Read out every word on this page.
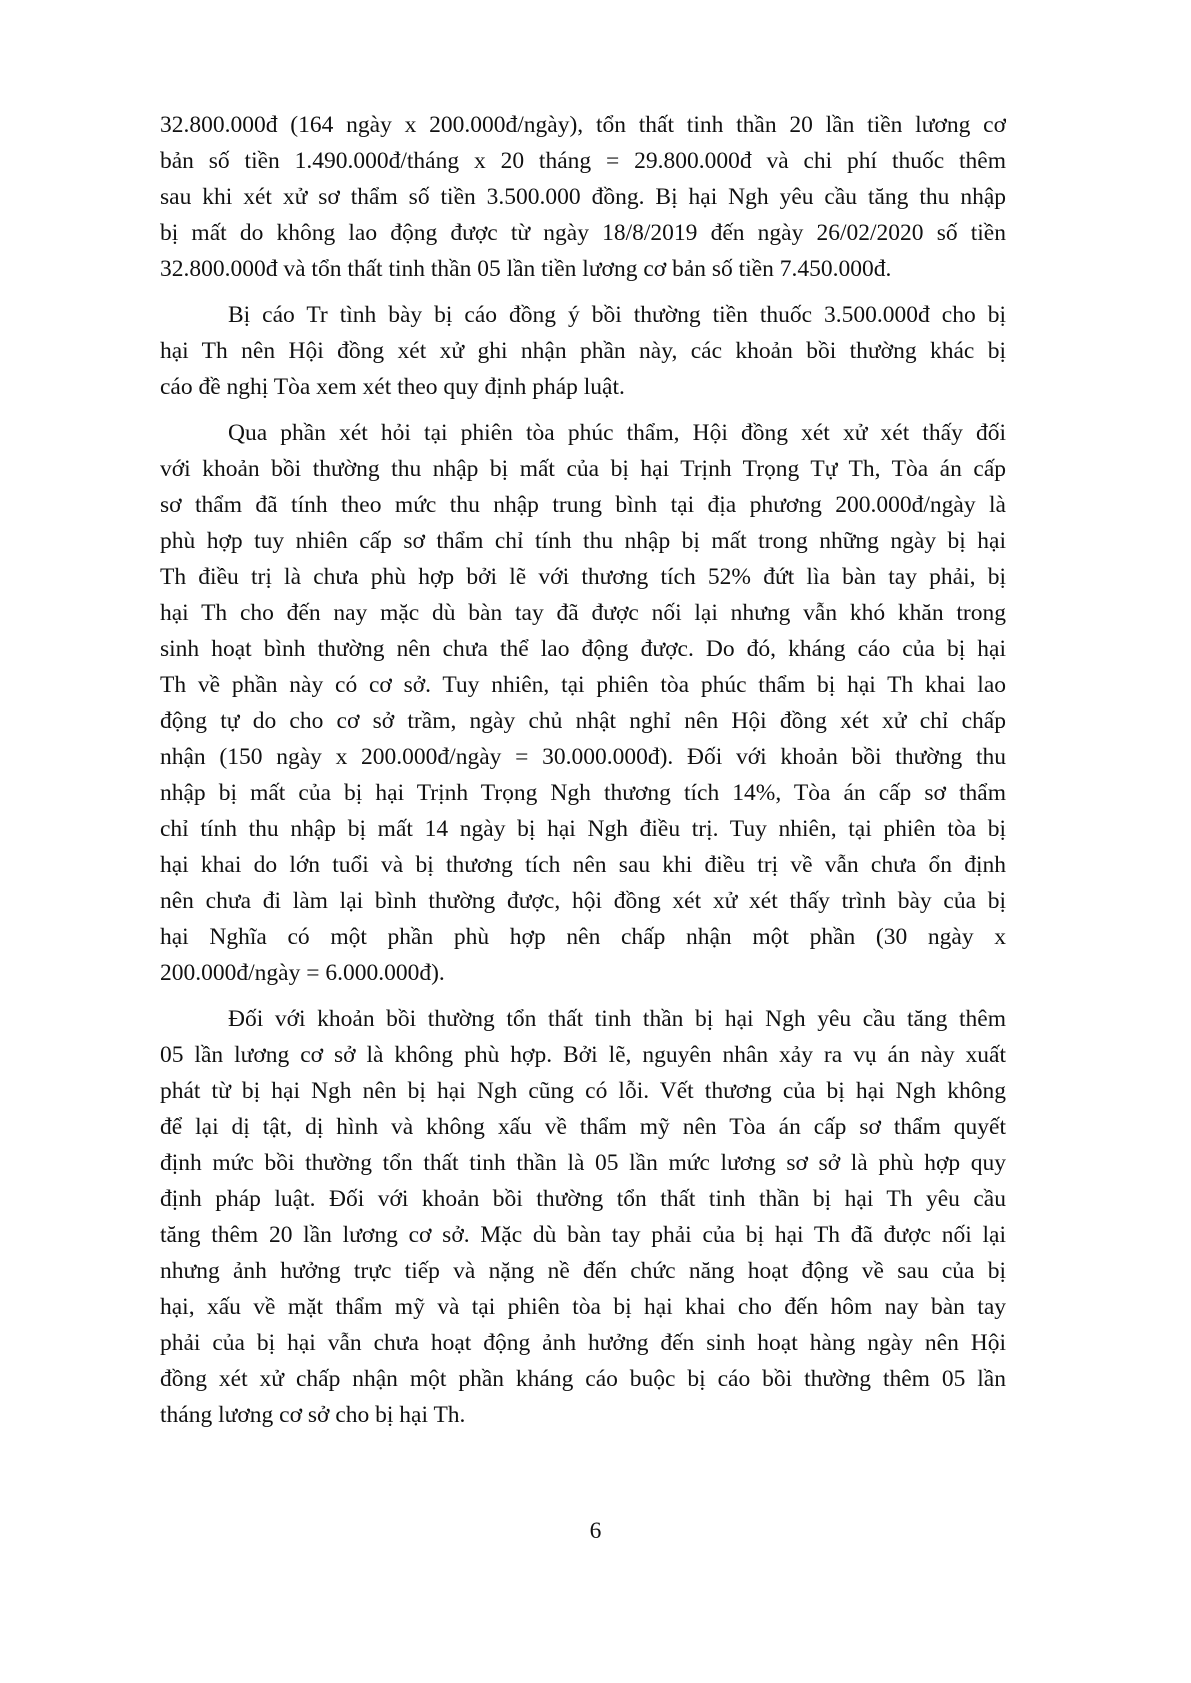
32.800.000đ (164 ngày x 200.000đ/ngày), tổn thất tinh thần 20 lần tiền lương cơ
bản số tiền 1.490.000đ/tháng x 20 tháng = 29.800.000đ và chi phí thuốc thêm
sau khi xét xử sơ thẩm số tiền 3.500.000 đồng. Bị hại Ngh yêu cầu tăng thu nhập
bị mất do không lao động được từ ngày 18/8/2019 đến ngày 26/02/2020 số tiền
32.800.000đ và tổn thất tinh thần 05 lần tiền lương cơ bản số tiền 7.450.000đ.
Bị cáo Tr tình bày bị cáo đồng ý bồi thường tiền thuốc 3.500.000đ cho bị
hại Th nên Hội đồng xét xử ghi nhận phần này, các khoản bồi thường khác bị
cáo đề nghị Tòa xem xét theo quy định pháp luật.
Qua phần xét hỏi tại phiên tòa phúc thẩm, Hội đồng xét xử xét thấy đối
với khoản bồi thường thu nhập bị mất của bị hại Trịnh Trọng Tự Th, Tòa án cấp
sơ thẩm đã tính theo mức thu nhập trung bình tại địa phương 200.000đ/ngày là
phù hợp tuy nhiên cấp sơ thẩm chỉ tính thu nhập bị mất trong những ngày bị hại
Th điều trị là chưa phù hợp bởi lẽ với thương tích 52% đứt lìa bàn tay phải, bị
hại Th cho đến nay mặc dù bàn tay đã được nối lại nhưng vẫn khó khăn trong
sinh hoạt bình thường nên chưa thể lao động được. Do đó, kháng cáo của bị hại
Th về phần này có cơ sở. Tuy nhiên, tại phiên tòa phúc thẩm bị hại Th khai lao
động tự do cho cơ sở trầm, ngày chủ nhật nghỉ nên Hội đồng xét xử chỉ chấp
nhận (150 ngày x 200.000đ/ngày = 30.000.000đ). Đối với khoản bồi thường thu
nhập bị mất của bị hại Trịnh Trọng Ngh thương tích 14%, Tòa án cấp sơ thẩm
chỉ tính thu nhập bị mất 14 ngày bị hại Ngh điều trị. Tuy nhiên, tại phiên tòa bị
hại khai do lớn tuổi và bị thương tích nên sau khi điều trị về vẫn chưa ổn định
nên chưa đi làm lại bình thường được, hội đồng xét xử xét thấy trình bày của bị
hại Nghĩa có một phần phù hợp nên chấp nhận một phần (30 ngày x
200.000đ/ngày = 6.000.000đ).
Đối với khoản bồi thường tổn thất tinh thần bị hại Ngh yêu cầu tăng thêm
05 lần lương cơ sở là không phù hợp. Bởi lẽ, nguyên nhân xảy ra vụ án này xuất
phát từ bị hại Ngh nên bị hại Ngh cũng có lỗi. Vết thương của bị hại Ngh không
để lại dị tật, dị hình và không xấu về thẩm mỹ nên Tòa án cấp sơ thẩm quyết
định mức bồi thường tổn thất tinh thần là 05 lần mức lương sơ sở là phù hợp quy
định pháp luật. Đối với khoản bồi thường tổn thất tinh thần bị hại Th yêu cầu
tăng thêm 20 lần lương cơ sở. Mặc dù bàn tay phải của bị hại Th đã được nối lại
nhưng ảnh hưởng trực tiếp và nặng nề đến chức năng hoạt động về sau của bị
hại, xấu về mặt thẩm mỹ và tại phiên tòa bị hại khai cho đến hôm nay bàn tay
phải của bị hại vẫn chưa hoạt động ảnh hưởng đến sinh hoạt hàng ngày nên Hội
đồng xét xử chấp nhận một phần kháng cáo buộc bị cáo bồi thường thêm 05 lần
tháng lương cơ sở cho bị hại Th.
6
